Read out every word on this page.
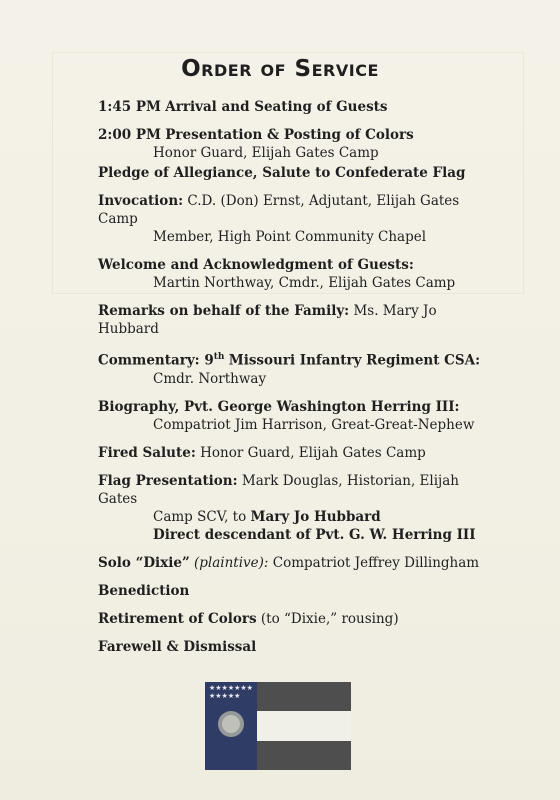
Order of Service
1:45 PM Arrival and Seating of Guests
2:00 PM Presentation & Posting of Colors
Honor Guard, Elijah Gates Camp
Pledge of Allegiance, Salute to Confederate Flag
Invocation: C.D. (Don) Ernst, Adjutant, Elijah Gates Camp
Member, High Point Community Chapel
Welcome and Acknowledgment of Guests:
Martin Northway, Cmdr., Elijah Gates Camp
Remarks on behalf of the Family: Ms. Mary Jo Hubbard
Commentary: 9th Missouri Infantry Regiment CSA:
Cmdr. Northway
Biography, Pvt. George Washington Herring III:
Compatriot Jim Harrison, Great-Great-Nephew
Fired Salute: Honor Guard, Elijah Gates Camp
Flag Presentation: Mark Douglas, Historian, Elijah Gates
Camp SCV, to Mary Jo Hubbard
Direct descendant of Pvt. G. W. Herring III
Solo “Dixie” (plaintive): Compatriot Jeffrey Dillingham
Benediction
Retirement of Colors (to “Dixie,” rousing)
Farewell & Dismissal
★★★★★★★
★★★★★
